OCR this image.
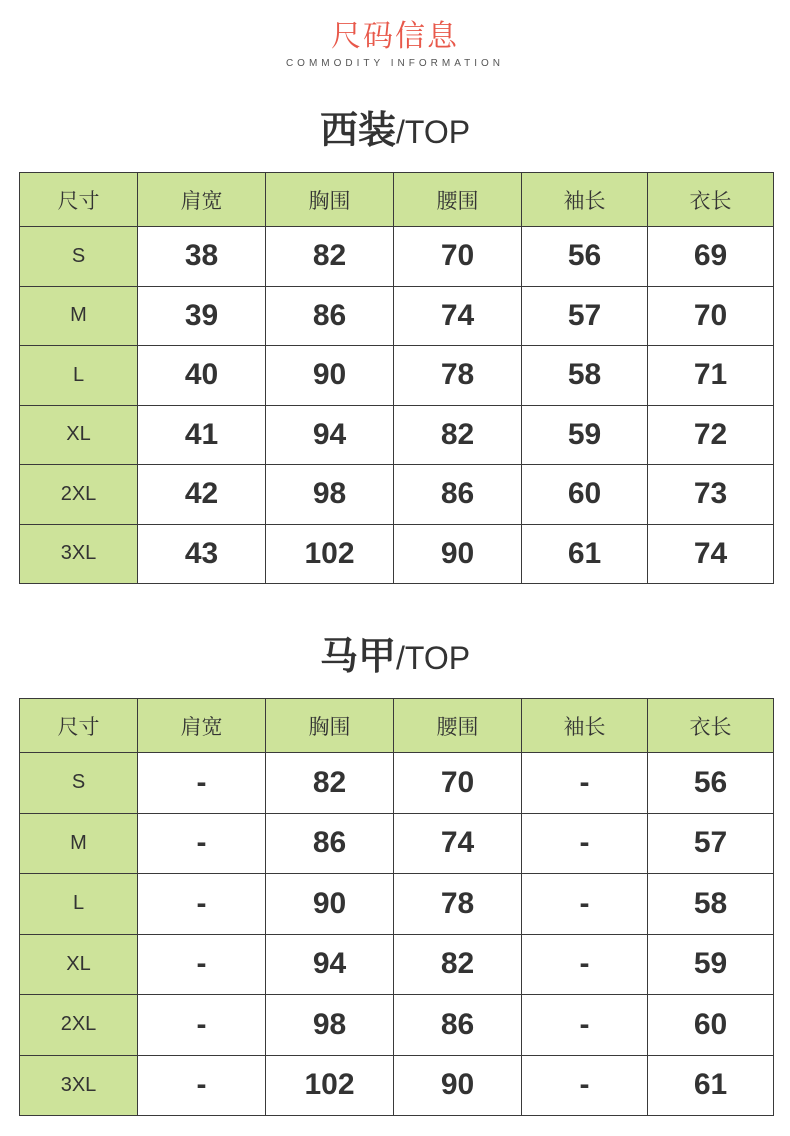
尺码信息
COMMODITY INFORMATION
西装/TOP
尺寸	肩宽	胸围	腰围	袖长	衣长
S	38	82	70	56	69
M	39	86	74	57	70
L	40	90	78	58	71
XL	41	94	82	59	72
2XL	42	98	86	60	73
3XL	43	102	90	61	74
马甲/TOP
尺寸	肩宽	胸围	腰围	袖长	衣长
S	-	82	70	-	56
M	-	86	74	-	57
L	-	90	78	-	58
XL	-	94	82	-	59
2XL	-	98	86	-	60
3XL	-	102	90	-	61
